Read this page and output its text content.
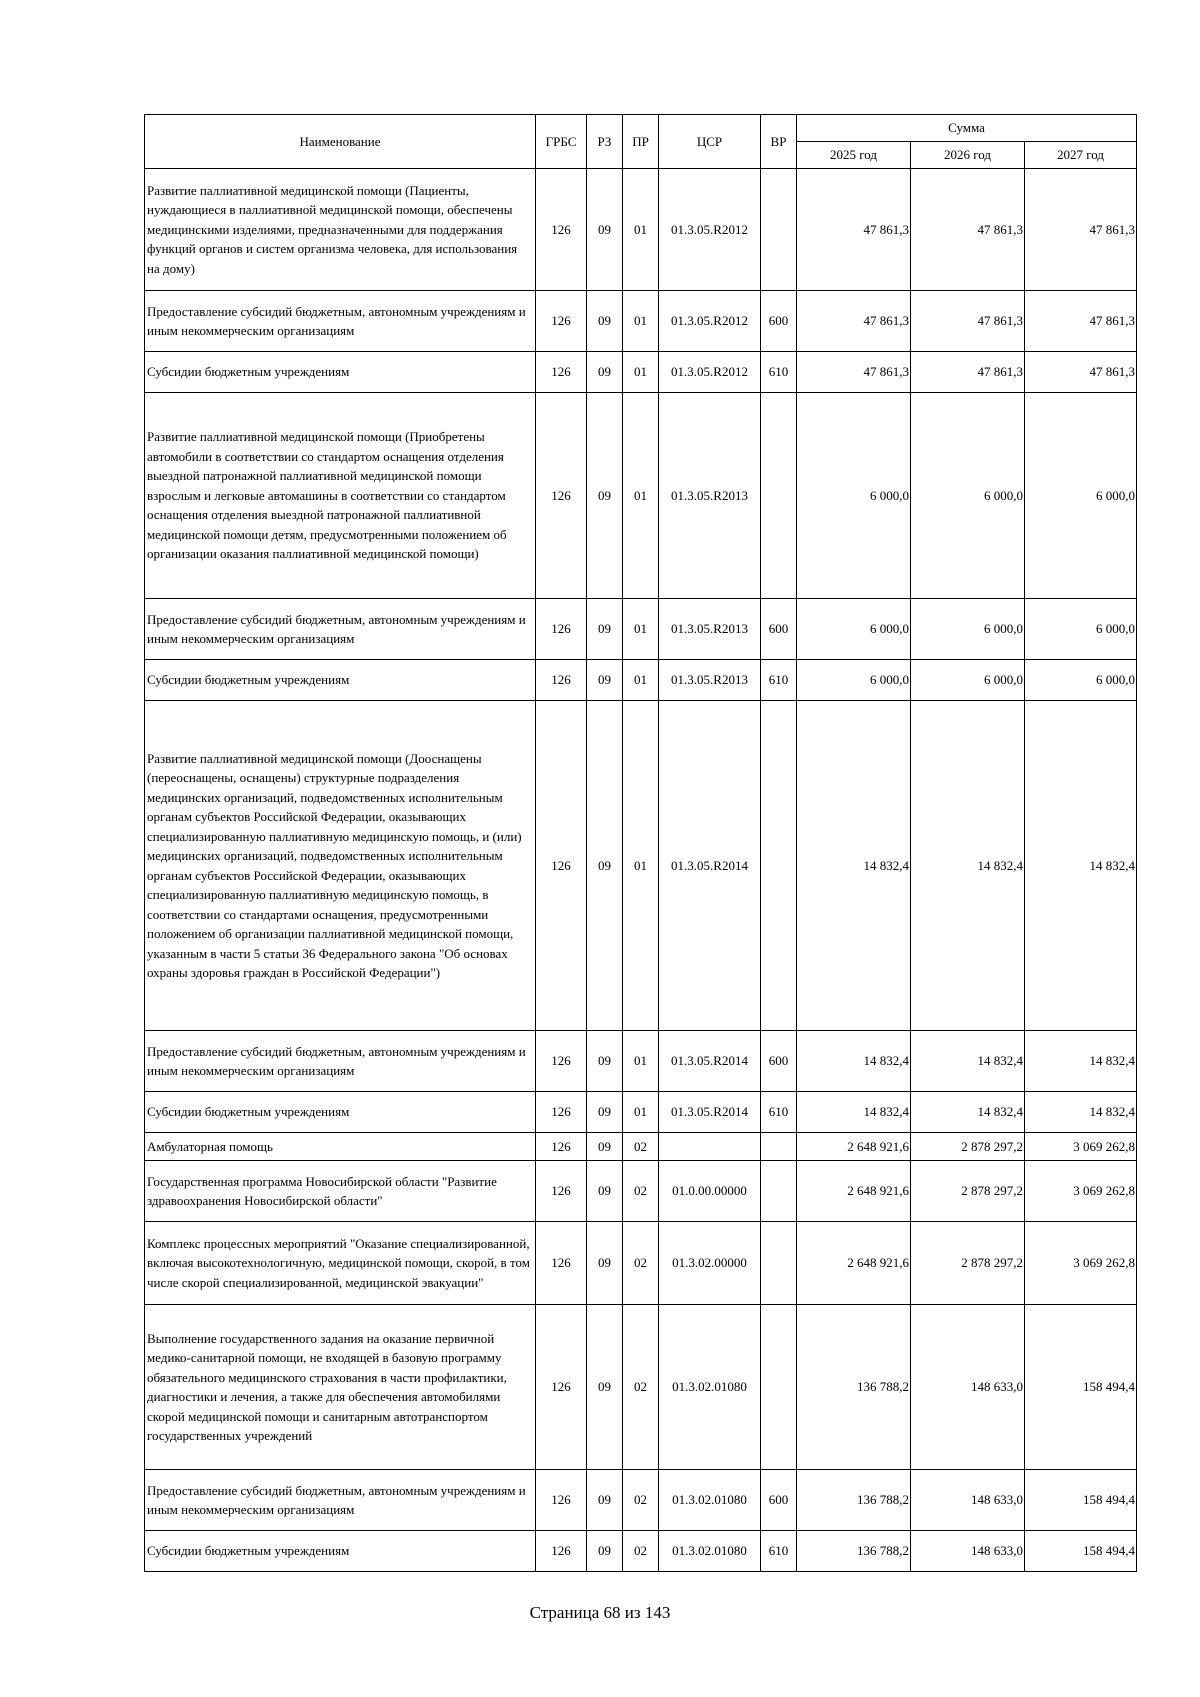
Наименование	ГРБС	РЗ	ПР	ЦСР	ВР	Сумма		
						2025 год	2026 год	2027 год
Развитие паллиативной медицинской помощи (Пациенты, нуждающиеся в паллиативной медицинской помощи, обеспечены медицинскими изделиями, предназначенными для поддержания функций органов и систем организма человека, для использования на дому)	126	09	01	01.3.05.R2012		47 861,3	47 861,3	47 861,3
Предоставление субсидий бюджетным, автономным учреждениям и иным некоммерческим организациям	126	09	01	01.3.05.R2012	600	47 861,3	47 861,3	47 861,3
Субсидии бюджетным учреждениям	126	09	01	01.3.05.R2012	610	47 861,3	47 861,3	47 861,3
Развитие паллиативной медицинской помощи (Приобретены автомобили в соответствии со стандартом оснащения отделения выездной патронажной паллиативной медицинской помощи взрослым и легковые автомашины в соответствии со стандартом оснащения отделения выездной патронажной паллиативной медицинской помощи детям, предусмотренными положением об организации оказания паллиативной медицинской помощи)	126	09	01	01.3.05.R2013		6 000,0	6 000,0	6 000,0
Предоставление субсидий бюджетным, автономным учреждениям и иным некоммерческим организациям	126	09	01	01.3.05.R2013	600	6 000,0	6 000,0	6 000,0
Субсидии бюджетным учреждениям	126	09	01	01.3.05.R2013	610	6 000,0	6 000,0	6 000,0
Развитие паллиативной медицинской помощи (Дооснащены (переоснащены, оснащены) структурные подразделения медицинских организаций, подведомственных исполнительным органам субъектов Российской Федерации, оказывающих специализированную паллиативную медицинскую помощь, и (или) медицинских организаций, подведомственных исполнительным органам субъектов Российской Федерации, оказывающих специализированную паллиативную медицинскую помощь, в соответствии со стандартами оснащения, предусмотренными положением об организации паллиативной медицинской помощи, указанным в части 5 статьи 36 Федерального закона "Об основах охраны здоровья граждан в Российской Федерации")	126	09	01	01.3.05.R2014		14 832,4	14 832,4	14 832,4
Предоставление субсидий бюджетным, автономным учреждениям и иным некоммерческим организациям	126	09	01	01.3.05.R2014	600	14 832,4	14 832,4	14 832,4
Субсидии бюджетным учреждениям	126	09	01	01.3.05.R2014	610	14 832,4	14 832,4	14 832,4
Амбулаторная помощь	126	09	02			2 648 921,6	2 878 297,2	3 069 262,8
Государственная программа Новосибирской области "Развитие здравоохранения Новосибирской области"	126	09	02	01.0.00.00000		2 648 921,6	2 878 297,2	3 069 262,8
Комплекс процессных мероприятий "Оказание специализированной, включая высокотехнологичную, медицинской помощи, скорой, в том числе скорой специализированной, медицинской эвакуации"	126	09	02	01.3.02.00000		2 648 921,6	2 878 297,2	3 069 262,8
Выполнение государственного задания на оказание первичной медико-санитарной помощи, не входящей в базовую программу обязательного медицинского страхования в части профилактики, диагностики и лечения, а также для обеспечения автомобилями скорой медицинской помощи и санитарным автотранспортом государственных учреждений	126	09	02	01.3.02.01080		136 788,2	148 633,0	158 494,4
Предоставление субсидий бюджетным, автономным учреждениям и иным некоммерческим организациям	126	09	02	01.3.02.01080	600	136 788,2	148 633,0	158 494,4
Субсидии бюджетным учреждениям	126	09	02	01.3.02.01080	610	136 788,2	148 633,0	158 494,4
Страница 68 из 143
